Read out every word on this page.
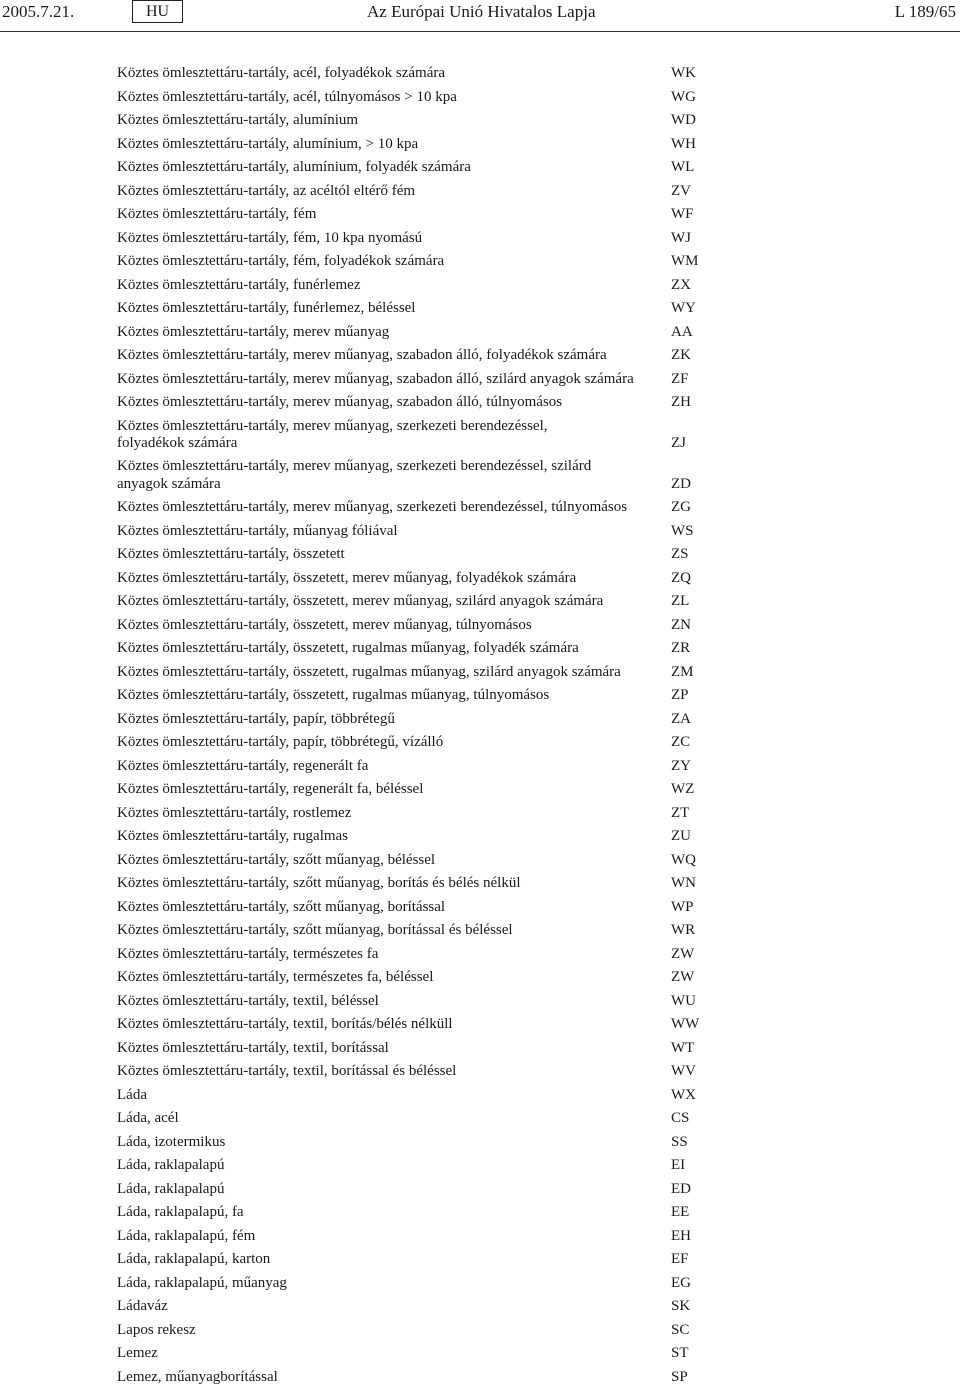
2005.7.21.	HU	Az Európai Unió Hivatalos Lapja	L 189/65
Köztes ömlesztettáru-tartály, acél, folyadékok számára	WK
Köztes ömlesztettáru-tartály, acél, túlnyomásos > 10 kpa	WG
Köztes ömlesztettáru-tartály, alumínium	WD
Köztes ömlesztettáru-tartály, alumínium, > 10 kpa	WH
Köztes ömlesztettáru-tartály, alumínium, folyadék számára	WL
Köztes ömlesztettáru-tartály, az acéltól eltérő fém	ZV
Köztes ömlesztettáru-tartály, fém	WF
Köztes ömlesztettáru-tartály, fém, 10 kpa nyomású	WJ
Köztes ömlesztettáru-tartály, fém, folyadékok számára	WM
Köztes ömlesztettáru-tartály, funérlemez	ZX
Köztes ömlesztettáru-tartály, funérlemez, béléssel	WY
Köztes ömlesztettáru-tartály, merev műanyag	AA
Köztes ömlesztettáru-tartály, merev műanyag, szabadon álló, folyadékok számára	ZK
Köztes ömlesztettáru-tartály, merev műanyag, szabadon álló, szilárd anyagok számára	ZF
Köztes ömlesztettáru-tartály, merev műanyag, szabadon álló, túlnyomásos	ZH
Köztes ömlesztettáru-tartály, merev műanyag, szerkezeti berendezéssel, folyadékok számára	ZJ
Köztes ömlesztettáru-tartály, merev műanyag, szerkezeti berendezéssel, szilárd anyagok számára	ZD
Köztes ömlesztettáru-tartály, merev műanyag, szerkezeti berendezéssel, túlnyomásos	ZG
Köztes ömlesztettáru-tartály, műanyag fóliával	WS
Köztes ömlesztettáru-tartály, összetett	ZS
Köztes ömlesztettáru-tartály, összetett, merev műanyag, folyadékok számára	ZQ
Köztes ömlesztettáru-tartály, összetett, merev műanyag, szilárd anyagok számára	ZL
Köztes ömlesztettáru-tartály, összetett, merev műanyag, túlnyomásos	ZN
Köztes ömlesztettáru-tartály, összetett, rugalmas műanyag, folyadék számára	ZR
Köztes ömlesztettáru-tartály, összetett, rugalmas műanyag, szilárd anyagok számára	ZM
Köztes ömlesztettáru-tartály, összetett, rugalmas műanyag, túlnyomásos	ZP
Köztes ömlesztettáru-tartály, papír, többrétegű	ZA
Köztes ömlesztettáru-tartály, papír, többrétegű, vízálló	ZC
Köztes ömlesztettáru-tartály, regenerált fa	ZY
Köztes ömlesztettáru-tartály, regenerált fa, béléssel	WZ
Köztes ömlesztettáru-tartály, rostlemez	ZT
Köztes ömlesztettáru-tartály, rugalmas	ZU
Köztes ömlesztettáru-tartály, szőtt műanyag, béléssel	WQ
Köztes ömlesztettáru-tartály, szőtt műanyag, borítás és bélés nélkül	WN
Köztes ömlesztettáru-tartály, szőtt műanyag, borítással	WP
Köztes ömlesztettáru-tartály, szőtt műanyag, borítással és béléssel	WR
Köztes ömlesztettáru-tartály, természetes fa	ZW
Köztes ömlesztettáru-tartály, természetes fa, béléssel	ZW
Köztes ömlesztettáru-tartály, textil, béléssel	WU
Köztes ömlesztettáru-tartály, textil, borítás/bélés nélküll	WW
Köztes ömlesztettáru-tartály, textil, borítással	WT
Köztes ömlesztettáru-tartály, textil, borítással és béléssel	WV
Láda	WX
Láda, acél	CS
Láda, izotermikus	SS
Láda, raklapalapú	EI
Láda, raklapalapú	ED
Láda, raklapalapú, fa	EE
Láda, raklapalapú, fém	EH
Láda, raklapalapú, karton	EF
Láda, raklapalapú, műanyag	EG
Ládaváz	SK
Lapos rekesz	SC
Lemez	ST
Lemez, műanyagborítással	SP
